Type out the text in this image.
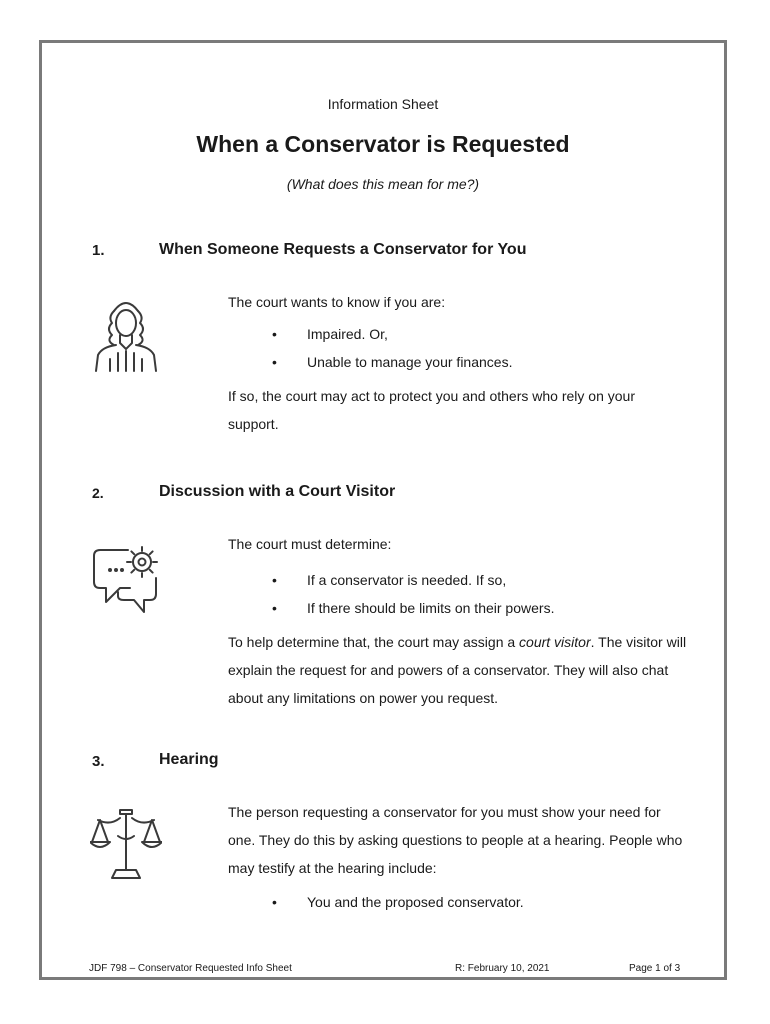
Information Sheet
When a Conservator is Requested
(What does this mean for me?)
1.	When Someone Requests a Conservator for You

The court wants to know if you are:

• Impaired. Or,

• Unable to manage your finances.

If so, the court may act to protect you and others who rely on your support.

2.	Discussion with a Court Visitor

The court must determine:

• If a conservator is needed. If so,

• If there should be limits on their powers.

To help determine that, the court may assign a court visitor. The visitor will explain the request for and powers of a conservator. They will also chat about any limitations on power you request.

3.	Hearing

The person requesting a conservator for you must show your need for one. They do this by asking questions to people at a hearing. People who may testify at the hearing include:

• You and the proposed conservator.

JDF 798 – Conservator Requested Info Sheet	R: February 10, 2021	Page 1 of 3
